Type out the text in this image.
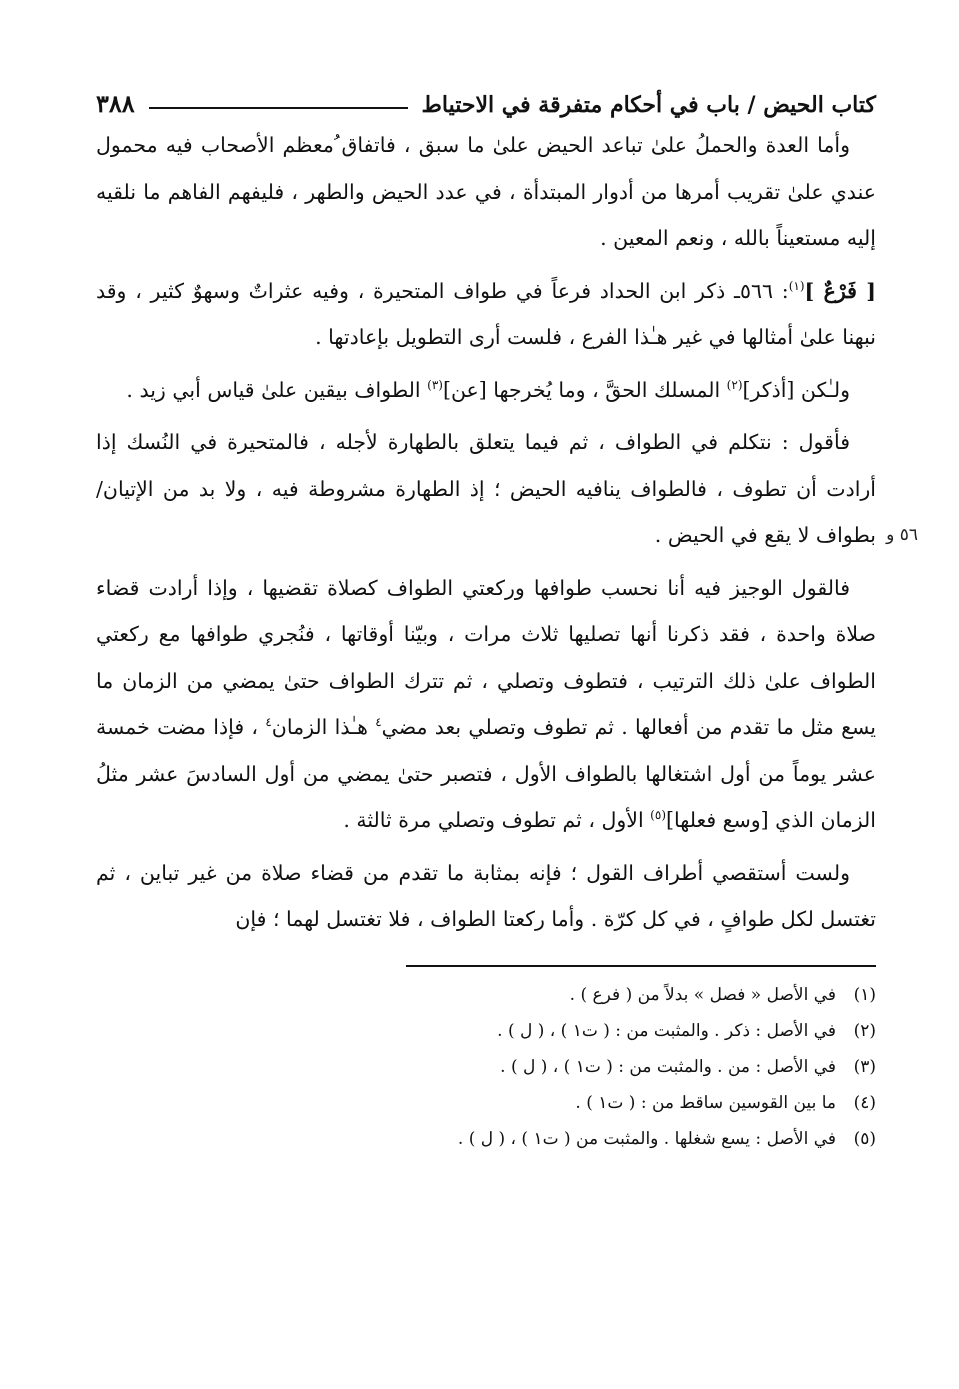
كتاب الحيض / باب في أحكام متفرقة في الاحتياط
٣٨٨

وأما العدة والحملُ علىٰ تباعد الحيض علىٰ ما سبق ، فاتفاق ُمعظم الأصحاب فيه محمول عندي علىٰ تقريب أمرها من أدوار المبتدأة ، في عدد الحيض والطهر ، فليفهم الفاهم ما نلقيه إليه مستعيناً بالله ، ونعم المعين .

[ فَرْعٌ ]$^{(١)}$: ٥٦٦ـ ذكر ابن الحداد فرعاً في طواف المتحيرة ، وفيه عثراتٌ وسهوٌ كثير ، وقد نبهنا علىٰ أمثالها في غير هـٰذا الفرع ، فلست أرى التطويل بإعادتها .

ولـٰكن [أذكر]$^{(٢)}$ المسلك الحقَّ ، وما يُخرجها [عن]$^{(٣)}$ الطواف بيقين علىٰ قياس أبي زيد .

فأقول : نتكلم في الطواف ، ثم فيما يتعلق بالطهارة لأجله ، فالمتحيرة في النُسك إذا أرادت أن تطوف ، فالطواف ينافيه الحيض ؛ إذ الطهارة مشروطة فيه ، ولا بد من الإتيان/ بطواف لا يقع في الحيض . ٥٦ و

فالقول الوجيز فيه أنا نحسب طوافها وركعتي الطواف كصلاة تقضيها ، وإذا أرادت قضاء صلاة واحدة ، فقد ذكرنا أنها تصليها ثلاث مرات ، وبيّنا أوقاتها ، فنُجري طوافها مع ركعتي الطواف علىٰ ذلك الترتيب ، فتطوف وتصلي ، ثم تترك الطواف حتىٰ يمضي من الزمان ما يسع مثل ما تقدم من أفعالها . ثم تطوف وتصلي بعد مضي$^٤$ هـٰذا الزمان$^٤$ ، فإذا مضت خمسة عشر يوماً من أول اشتغالها بالطواف الأول ، فتصبر حتىٰ يمضي من أول السادسَ عشر مثلُ الزمان الذي [وسع فعلها]$^{(٥)}$ الأول ، ثم تطوف وتصلي مرة ثالثة .

ولست أستقصي أطراف القول ؛ فإنه بمثابة ما تقدم من قضاء صلاة من غير تباين ، ثم تغتسل لكل طوافٍ ، في كل كرّة . وأما ركعتا الطواف ، فلا تغتسل لهما ؛ فإن

(١)
في الأصل « فصل » بدلاً من ( فرع ) .
(٢)
في الأصل : ذكر . والمثبت من : ( ت١ ) ، ( ل ) .
(٣)
في الأصل : من . والمثبت من : ( ت١ ) ، ( ل ) .
(٤)
ما بين القوسين ساقط من : ( ت١ ) .
(٥)
في الأصل : يسع شغلها . والمثبت من ( ت١ ) ، ( ل ) .
